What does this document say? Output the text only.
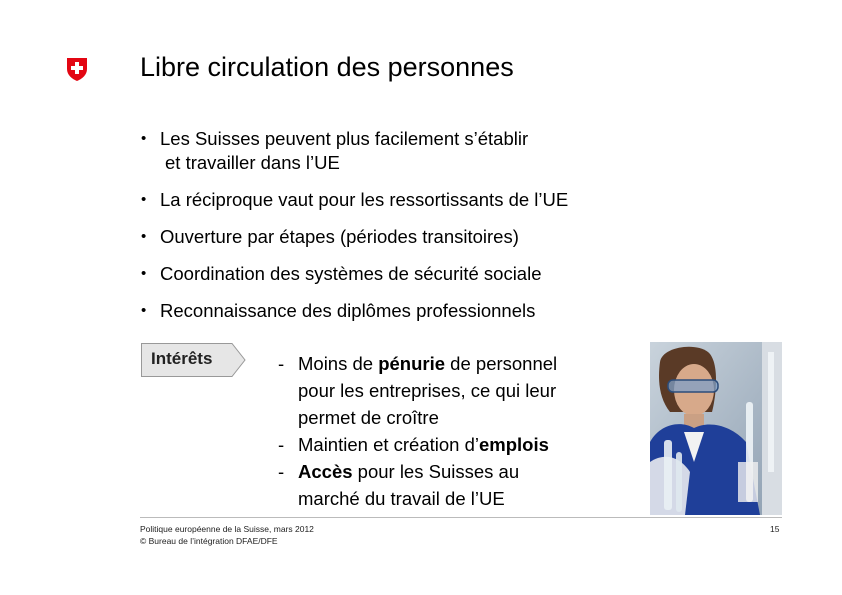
Libre circulation des personnes
• Les Suisses peuvent plus facilement s’établir
et travailler dans l’UE
• La réciproque vaut pour les ressortissants de l’UE
• Ouverture par étapes (périodes transitoires)
• Coordination des systèmes de sécurité sociale
• Reconnaissance des diplômes professionnels
Intérêts	- Moins de pénurie de personnel
pour les entreprises, ce qui leur
permet de croître
- Maintien et création d’emplois
- Accès pour les Suisses au
marché du travail de l’UE
Politique européenne de la Suisse, mars 2012
© Bureau de l’intégration DFAE/DFE
15
